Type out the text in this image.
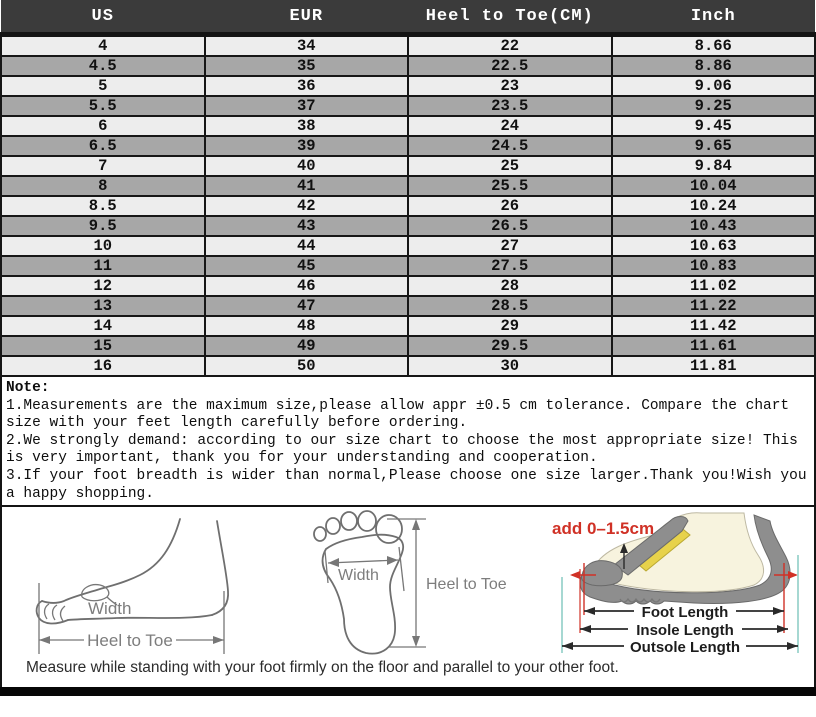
US	EUR	Heel to Toe(CM)	Inch
4	34	22	8.66
4.5	35	22.5	8.86
5	36	23	9.06
5.5	37	23.5	9.25
6	38	24	9.45
6.5	39	24.5	9.65
7	40	25	9.84
8	41	25.5	10.04
8.5	42	26	10.24
9.5	43	26.5	10.43
10	44	27	10.63
11	45	27.5	10.83
12	46	28	11.02
13	47	28.5	11.22
14	48	29	11.42
15	49	29.5	11.61
16	50	30	11.81
Note:
1.Measurements are the maximum size,please allow appr ±0.5 cm tolerance. Compare the chart size with your feet length carefully before ordering.
2.We strongly demand: according to our size chart to choose the most appropriate size! This is very important, thank you for your understanding and cooperation.
3.If your foot breadth is wider than normal,Please choose one size larger.Thank you!Wish you a happy shopping.
Width
Heel to Toe
Width
Heel to Toe
add 0–1.5cm
Foot Length
Insole Length
Outsole Length
Measure while standing with your foot firmly on the floor and parallel to your other foot.
